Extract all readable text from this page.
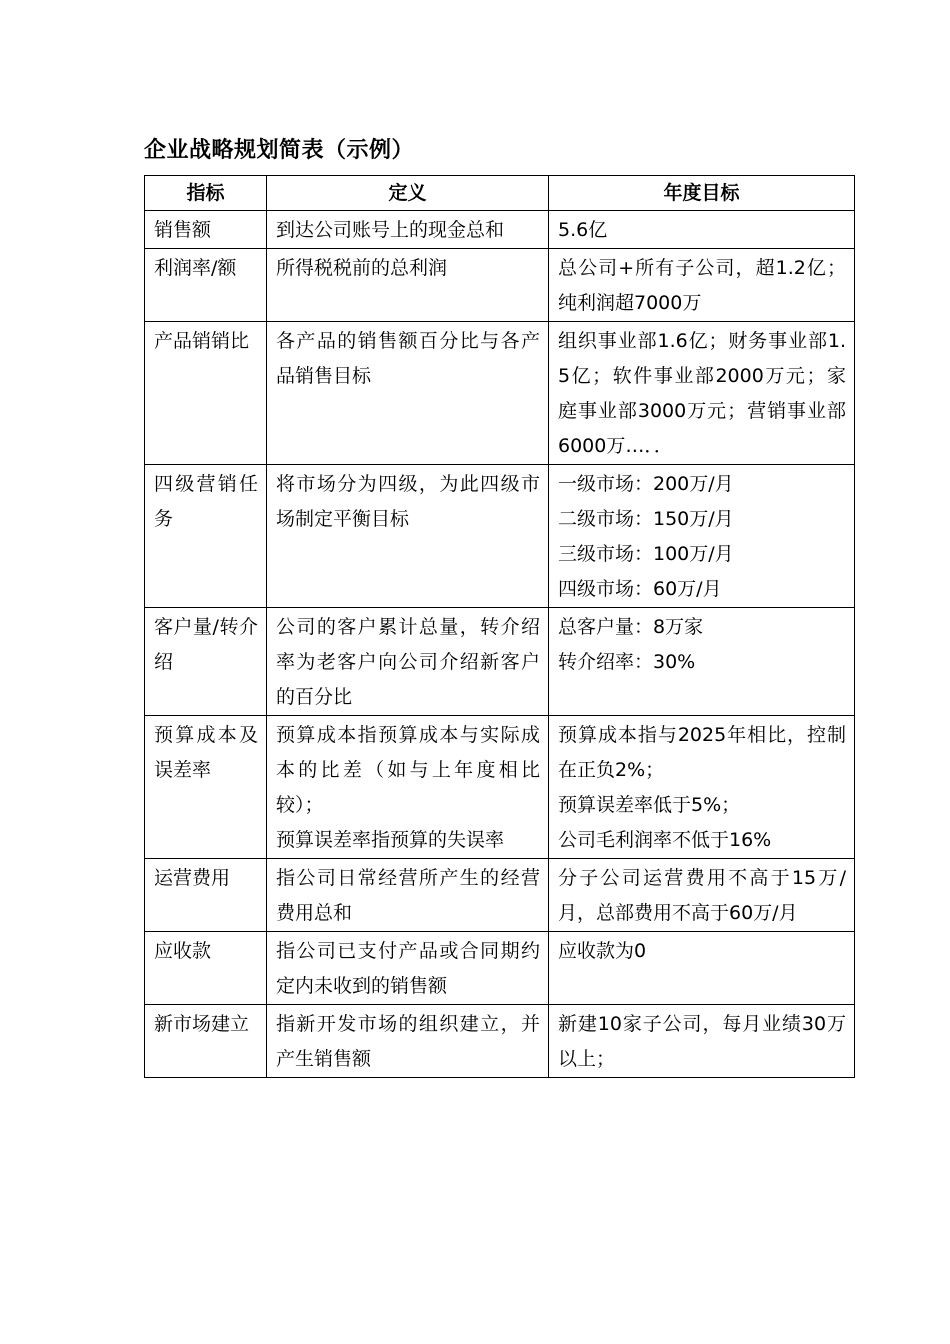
企业战略规划简表（示例）
指标	定义	年度目标
销售额	到达公司账号上的现金总和	5.6亿

利润率/额	所得税税前的总利润	总公司+所有子公司，超1.2亿；纯利润超7000万

产品销销比	各产品的销售额百分比与各产品销售目标	组织事业部1.6亿；财务事业部1.5亿；软件事业部2000万元；家庭事业部3000万元；营销事业部6000万…．．

四级营销任务	将市场分为四级，为此四级市场制定平衡目标	一级市场：200万/月
二级市场：150万/月
三级市场：100万/月
四级市场：60万/月

客户量/转介绍	公司的客户累计总量，转介绍率为老客户向公司介绍新客户的百分比	总客户量：8万家
转介绍率：30%

预算成本及误差率	预算成本指预算成本与实际成本的比差（如与上年度相比较）；
预算误差率指预算的失误率	预算成本指与2025年相比，控制在正负2%；
预算误差率低于5%；
公司毛利润率不低于16%

运营费用	指公司日常经营所产生的经营费用总和	分子公司运营费用不高于15万/月，总部费用不高于60万/月

应收款	指公司已支付产品或合同期约定内未收到的销售额	应收款为0

新市场建立	指新开发市场的组织建立，并产生销售额	新建10家子公司，每月业绩30万以上；
